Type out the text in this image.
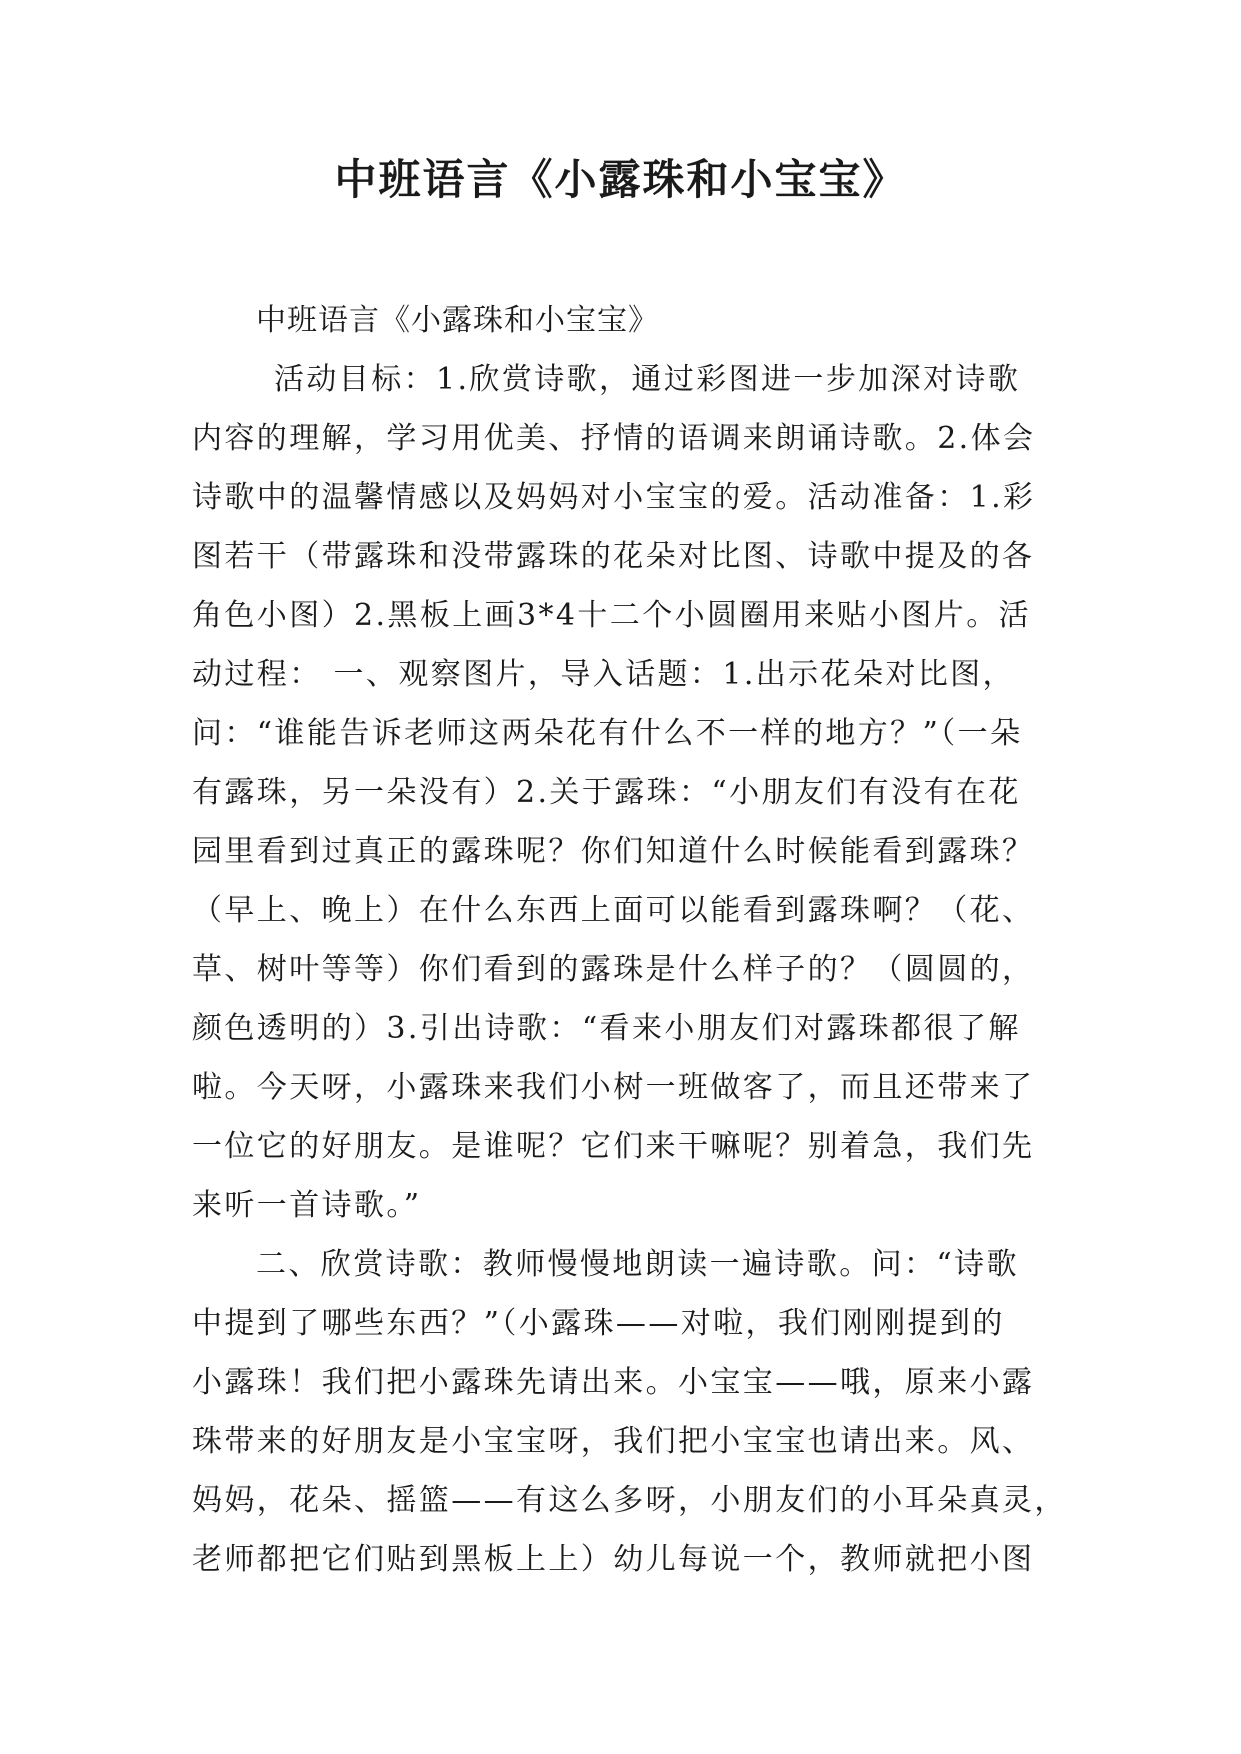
中班语言《小露珠和小宝宝》
中班语言《小露珠和小宝宝》
活动目标：1.欣赏诗歌，通过彩图进一步加深对诗歌
内容的理解，学习用优美、抒情的语调来朗诵诗歌。2.体会
诗歌中的温馨情感以及妈妈对小宝宝的爱。活动准备：1.彩
图若干（带露珠和没带露珠的花朵对比图、诗歌中提及的各
角色小图）2.黑板上画3*4十二个小圆圈用来贴小图片。活
动过程： 一、观察图片，导入话题：1.出示花朵对比图，
问：“谁能告诉老师这两朵花有什么不一样的地方？”（一朵
有露珠，另一朵没有）2.关于露珠：“小朋友们有没有在花
园里看到过真正的露珠呢？你们知道什么时候能看到露珠？
（早上、晚上）在什么东西上面可以能看到露珠啊？（花、
草、树叶等等）你们看到的露珠是什么样子的？（圆圆的，
颜色透明的）3.引出诗歌：“看来小朋友们对露珠都很了解
啦。今天呀，小露珠来我们小树一班做客了，而且还带来了
一位它的好朋友。是谁呢？它们来干嘛呢？别着急，我们先
来听一首诗歌。”
二、欣赏诗歌：教师慢慢地朗读一遍诗歌。问：“诗歌
中提到了哪些东西？”（小露珠——对啦，我们刚刚提到的
小露珠！我们把小露珠先请出来。小宝宝——哦，原来小露
珠带来的好朋友是小宝宝呀，我们把小宝宝也请出来。风、
妈妈，花朵、摇篮——有这么多呀，小朋友们的小耳朵真灵，
老师都把它们贴到黑板上上）幼儿每说一个，教师就把小图
